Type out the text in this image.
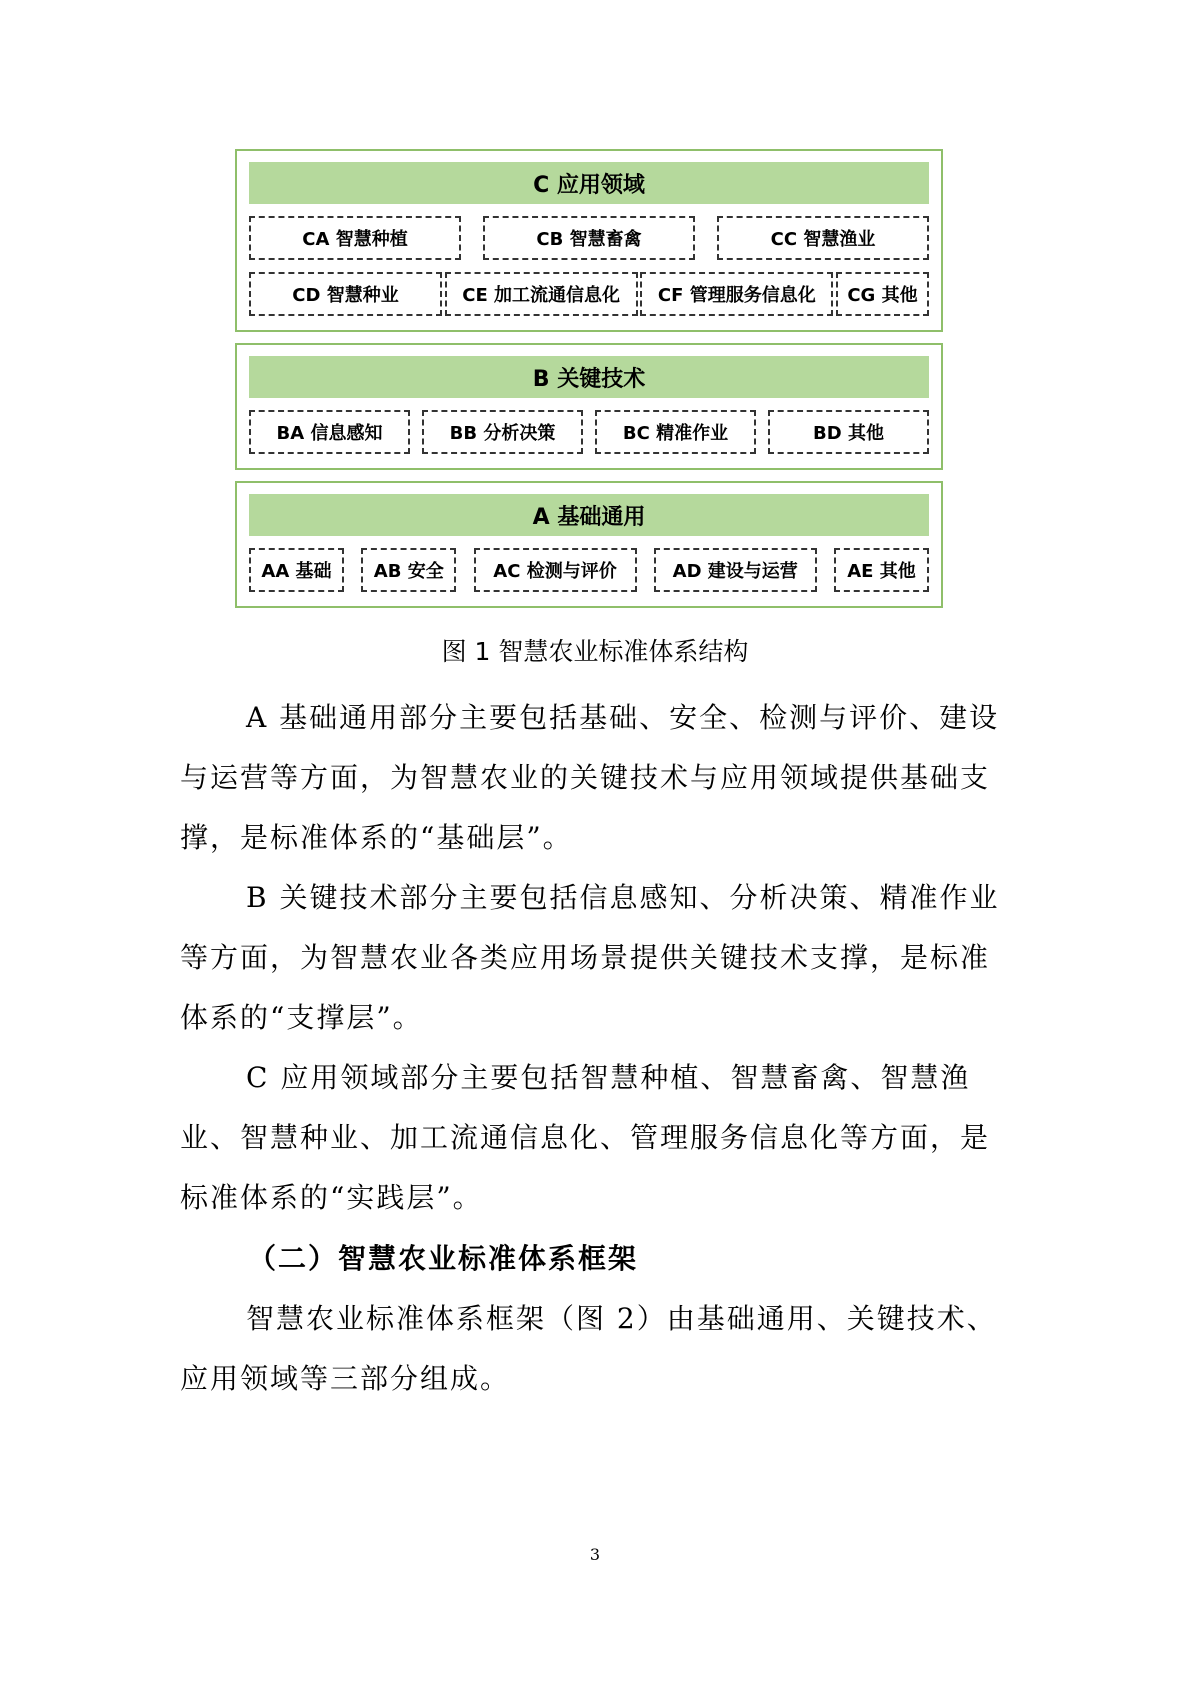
C 应用领域
CA 智慧种植	CB 智慧畜禽	CC 智慧渔业
CD 智慧种业	CE 加工流通信息化	CF 管理服务信息化	CG 其他
B 关键技术
BA 信息感知	BB 分析决策	BC 精准作业	BD 其他
A 基础通用
AA 基础	AB 安全	AC 检测与评价	AD 建设与运营	AE 其他
图 1 智慧农业标准体系结构
A 基础通用部分主要包括基础、安全、检测与评价、建设与运营等方面，为智慧农业的关键技术与应用领域提供基础支撑，是标准体系的“基础层”。
B 关键技术部分主要包括信息感知、分析决策、精准作业等方面，为智慧农业各类应用场景提供关键技术支撑，是标准体系的“支撑层”。
C 应用领域部分主要包括智慧种植、智慧畜禽、智慧渔业、智慧种业、加工流通信息化、管理服务信息化等方面，是标准体系的“实践层”。
（二）智慧农业标准体系框架
智慧农业标准体系框架（图 2）由基础通用、关键技术、应用领域等三部分组成。
3
